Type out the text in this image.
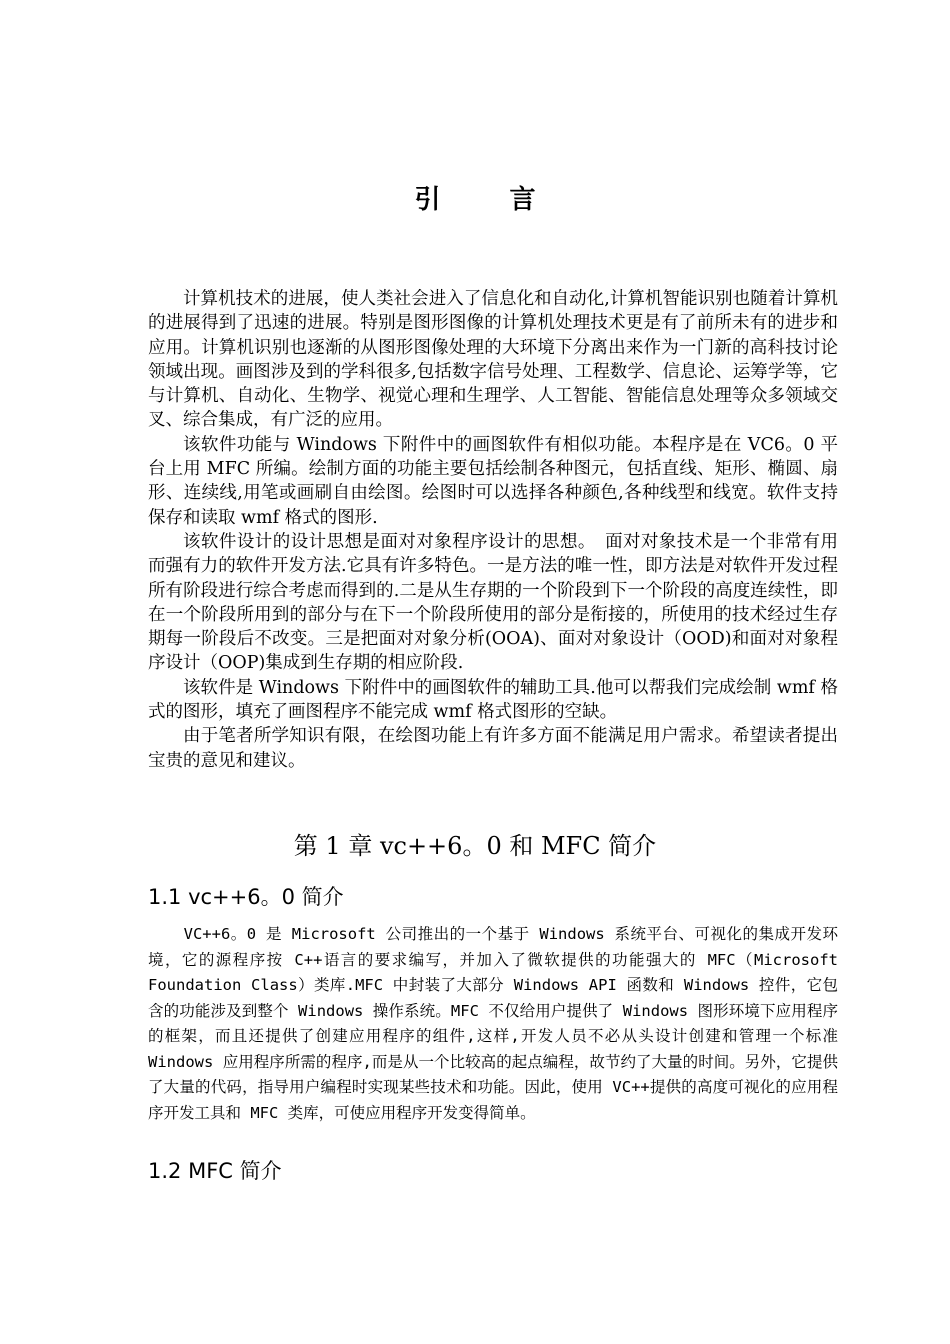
引 言

计算机技术的进展，使人类社会进入了信息化和自动化,计算机智能识别也随着计算机的进展得到了迅速的进展。特别是图形图像的计算机处理技术更是有了前所未有的进步和应用。计算机识别也逐渐的从图形图像处理的大环境下分离出来作为一门新的高科技讨论领域出现。画图涉及到的学科很多,包括数字信号处理、工程数学、信息论、运筹学等，它与计算机、自动化、生物学、视觉心理和生理学、人工智能、智能信息处理等众多领域交叉、综合集成，有广泛的应用。

该软件功能与 Windows 下附件中的画图软件有相似功能。本程序是在 VC6。0 平台上用 MFC 所编。绘制方面的功能主要包括绘制各种图元，包括直线、矩形、椭圆、扇形、连续线,用笔或画刷自由绘图。绘图时可以选择各种颜色,各种线型和线宽。软件支持保存和读取 wmf 格式的图形.

该软件设计的设计思想是面对对象程序设计的思想。　面对对象技术是一个非常有用而强有力的软件开发方法.它具有许多特色。一是方法的唯一性，即方法是对软件开发过程所有阶段进行综合考虑而得到的.二是从生存期的一个阶段到下一个阶段的高度连续性，即在一个阶段所用到的部分与在下一个阶段所使用的部分是衔接的，所使用的技术经过生存期每一阶段后不改变。三是把面对对象分析(OOA)、面对对象设计（OOD)和面对对象程序设计（OOP)集成到生存期的相应阶段.

该软件是 Windows 下附件中的画图软件的辅助工具.他可以帮我们完成绘制 wmf 格式的图形，填充了画图程序不能完成 wmf 格式图形的空缺。

由于笔者所学知识有限，在绘图功能上有许多方面不能满足用户需求。希望读者提出宝贵的意见和建议。

第 1 章 vc++6。0 和 MFC 简介
1.1 vc++6。0 简介

VC++6。0 是 Microsoft 公司推出的一个基于 Windows 系统平台、可视化的集成开发环境，它的源程序按 C++语言的要求编写，并加入了微软提供的功能强大的 MFC（Microsoft Foundation Class）类库.MFC 中封装了大部分 Windows API 函数和 Windows 控件，它包含的功能涉及到整个 Windows 操作系统。MFC 不仅给用户提供了 Windows 图形环境下应用程序的框架，而且还提供了创建应用程序的组件,这样,开发人员不必从头设计创建和管理一个标准 Windows 应用程序所需的程序,而是从一个比较高的起点编程，故节约了大量的时间。另外，它提供了大量的代码，指导用户编程时实现某些技术和功能。因此，使用 VC++提供的高度可视化的应用程序开发工具和 MFC 类库，可使应用程序开发变得简单。

1.2 MFC 简介
